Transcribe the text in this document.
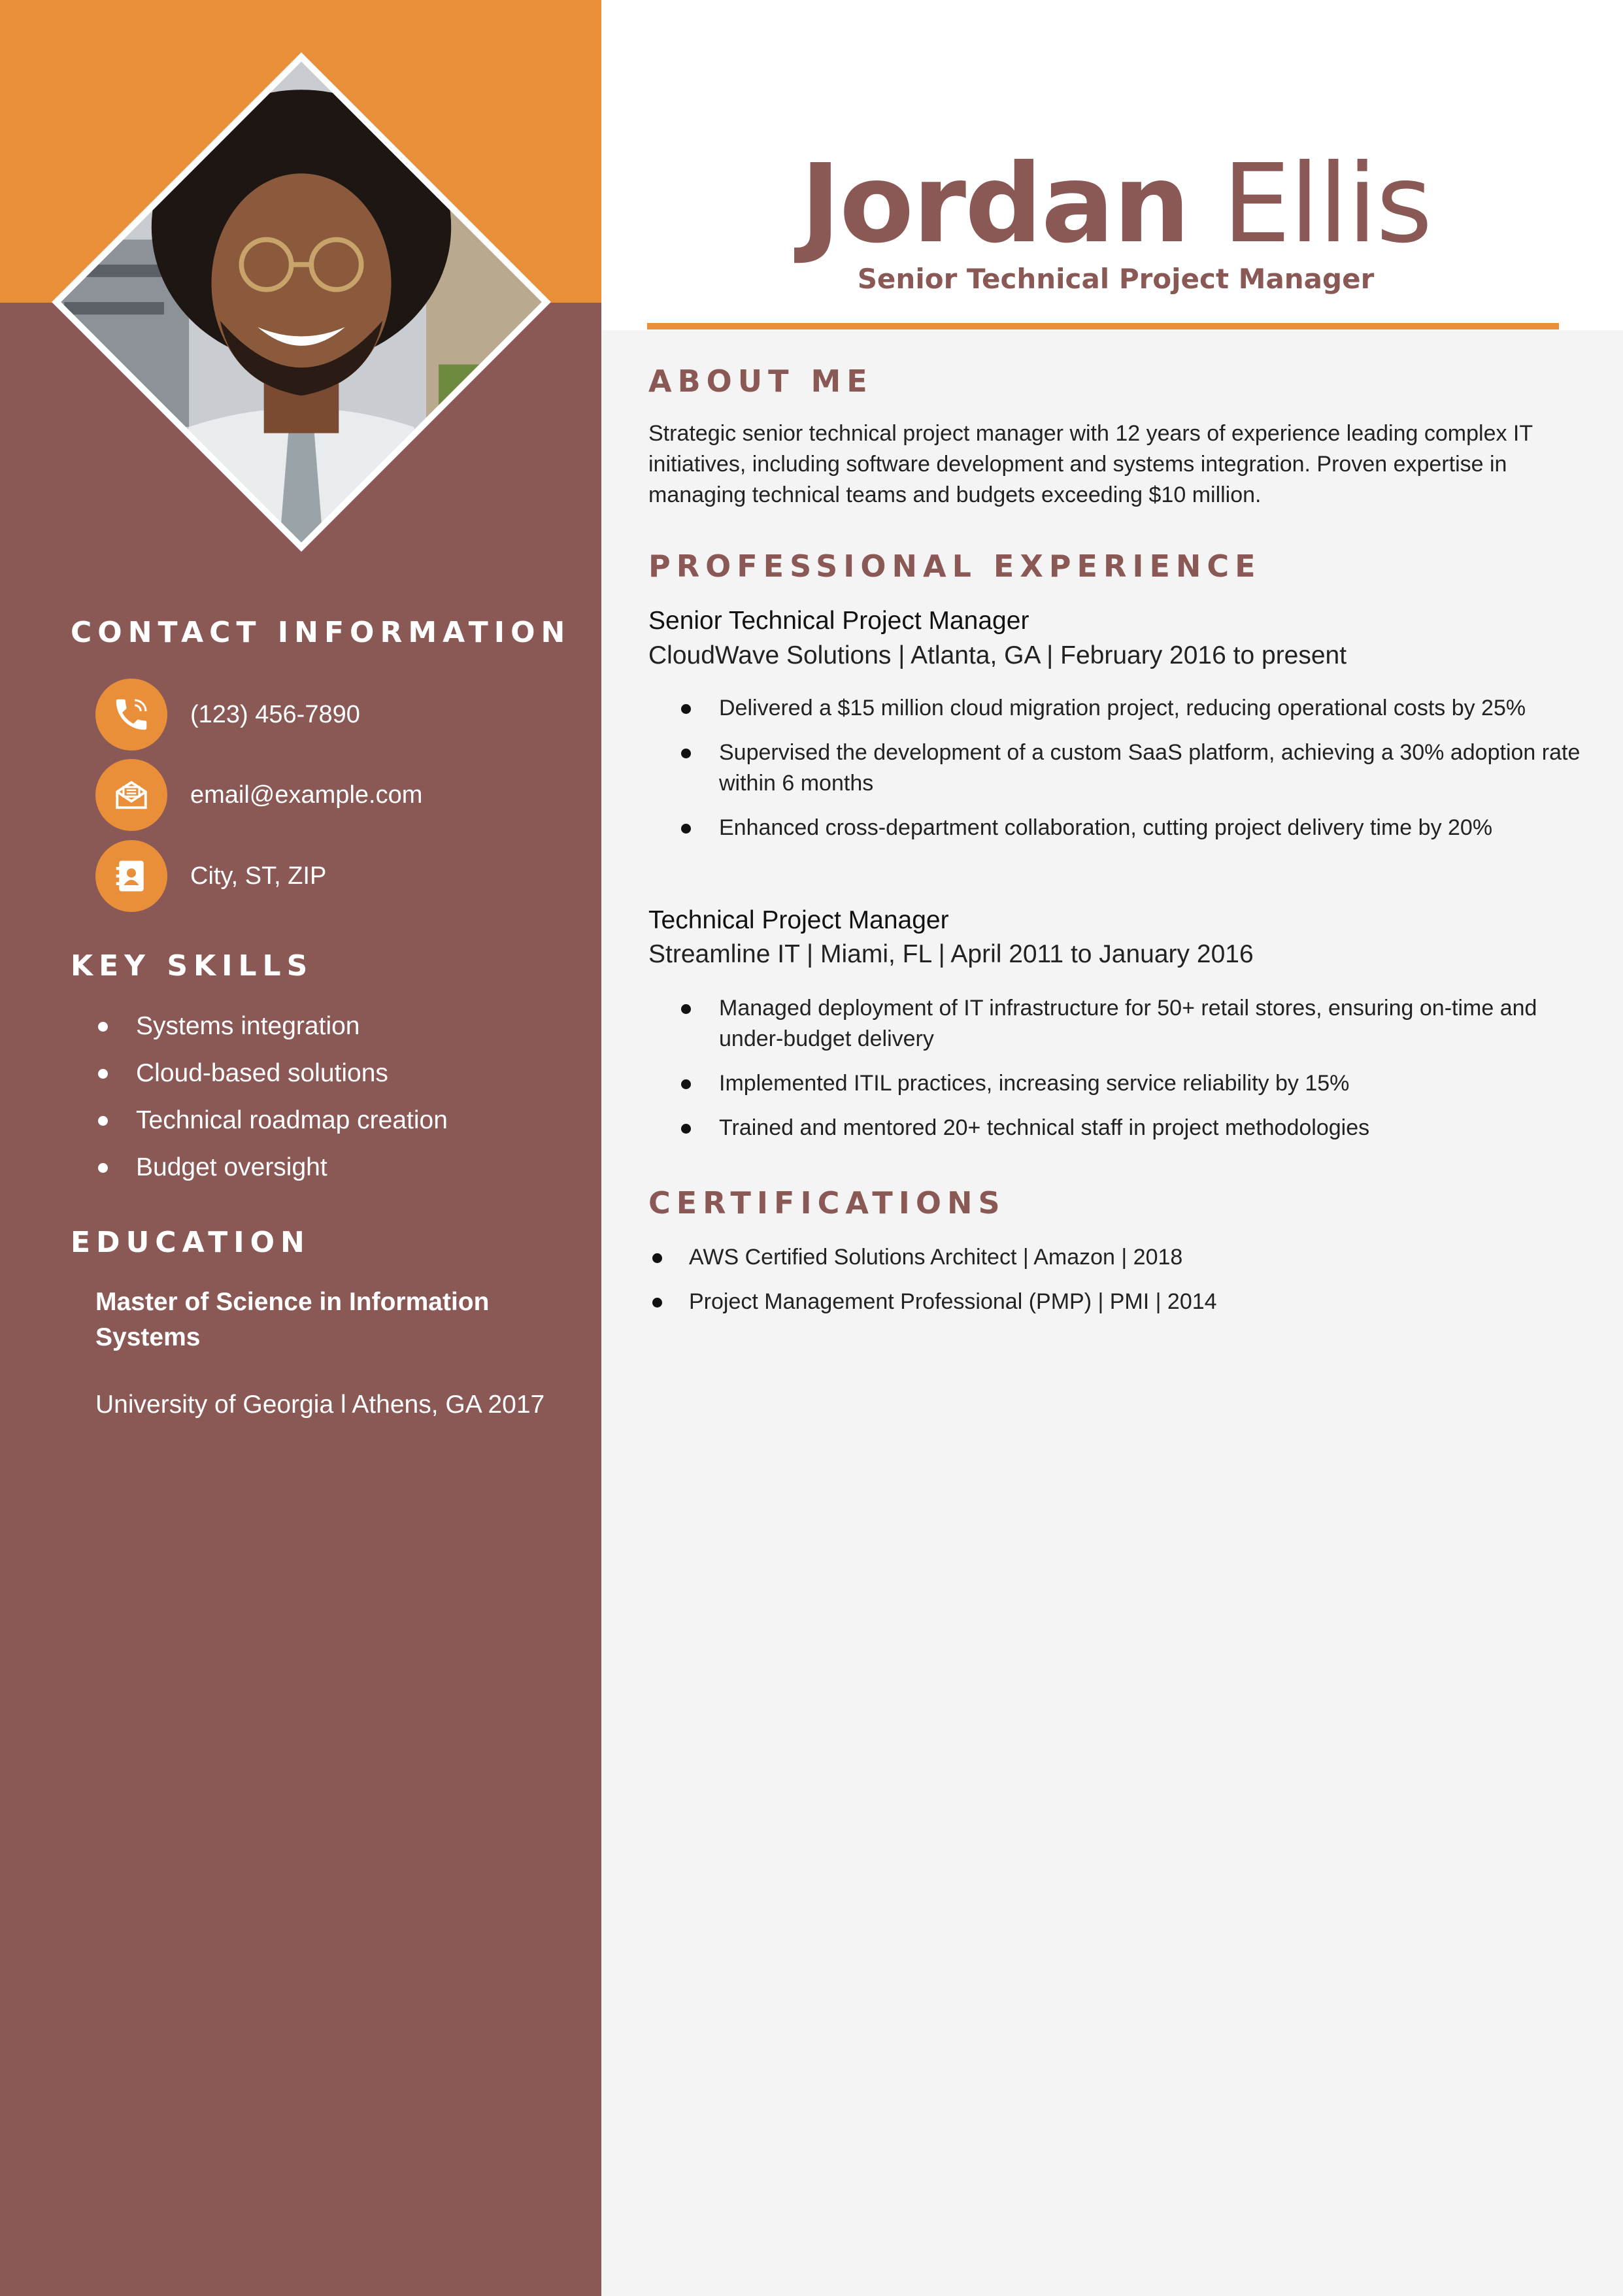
CONTACT INFORMATION
(123) 456-7890
email@example.com
City, ST, ZIP
KEY SKILLS
Systems integration
Cloud-based solutions
Technical roadmap creation
Budget oversight
EDUCATION
Master of Science in Information Systems
University of Georgia l Athens, GA 2017
Jordan Ellis
Senior Technical Project Manager
ABOUT ME
Strategic senior technical project manager with 12 years of experience leading complex IT initiatives, including software development and systems integration. Proven expertise in managing technical teams and budgets exceeding $10 million.
PROFESSIONAL EXPERIENCE
Senior Technical Project Manager
CloudWave Solutions | Atlanta, GA | February 2016 to present
Delivered a $15 million cloud migration project, reducing operational costs by 25%
Supervised the development of a custom SaaS platform, achieving a 30% adoption rate within 6 months
Enhanced cross-department collaboration, cutting project delivery time by 20%
Technical Project Manager
Streamline IT | Miami, FL | April 2011 to January 2016
Managed deployment of IT infrastructure for 50+ retail stores, ensuring on-time and under-budget delivery
Implemented ITIL practices, increasing service reliability by 15%
Trained and mentored 20+ technical staff in project methodologies
CERTIFICATIONS
AWS Certified Solutions Architect | Amazon | 2018
Project Management Professional (PMP) | PMI | 2014
